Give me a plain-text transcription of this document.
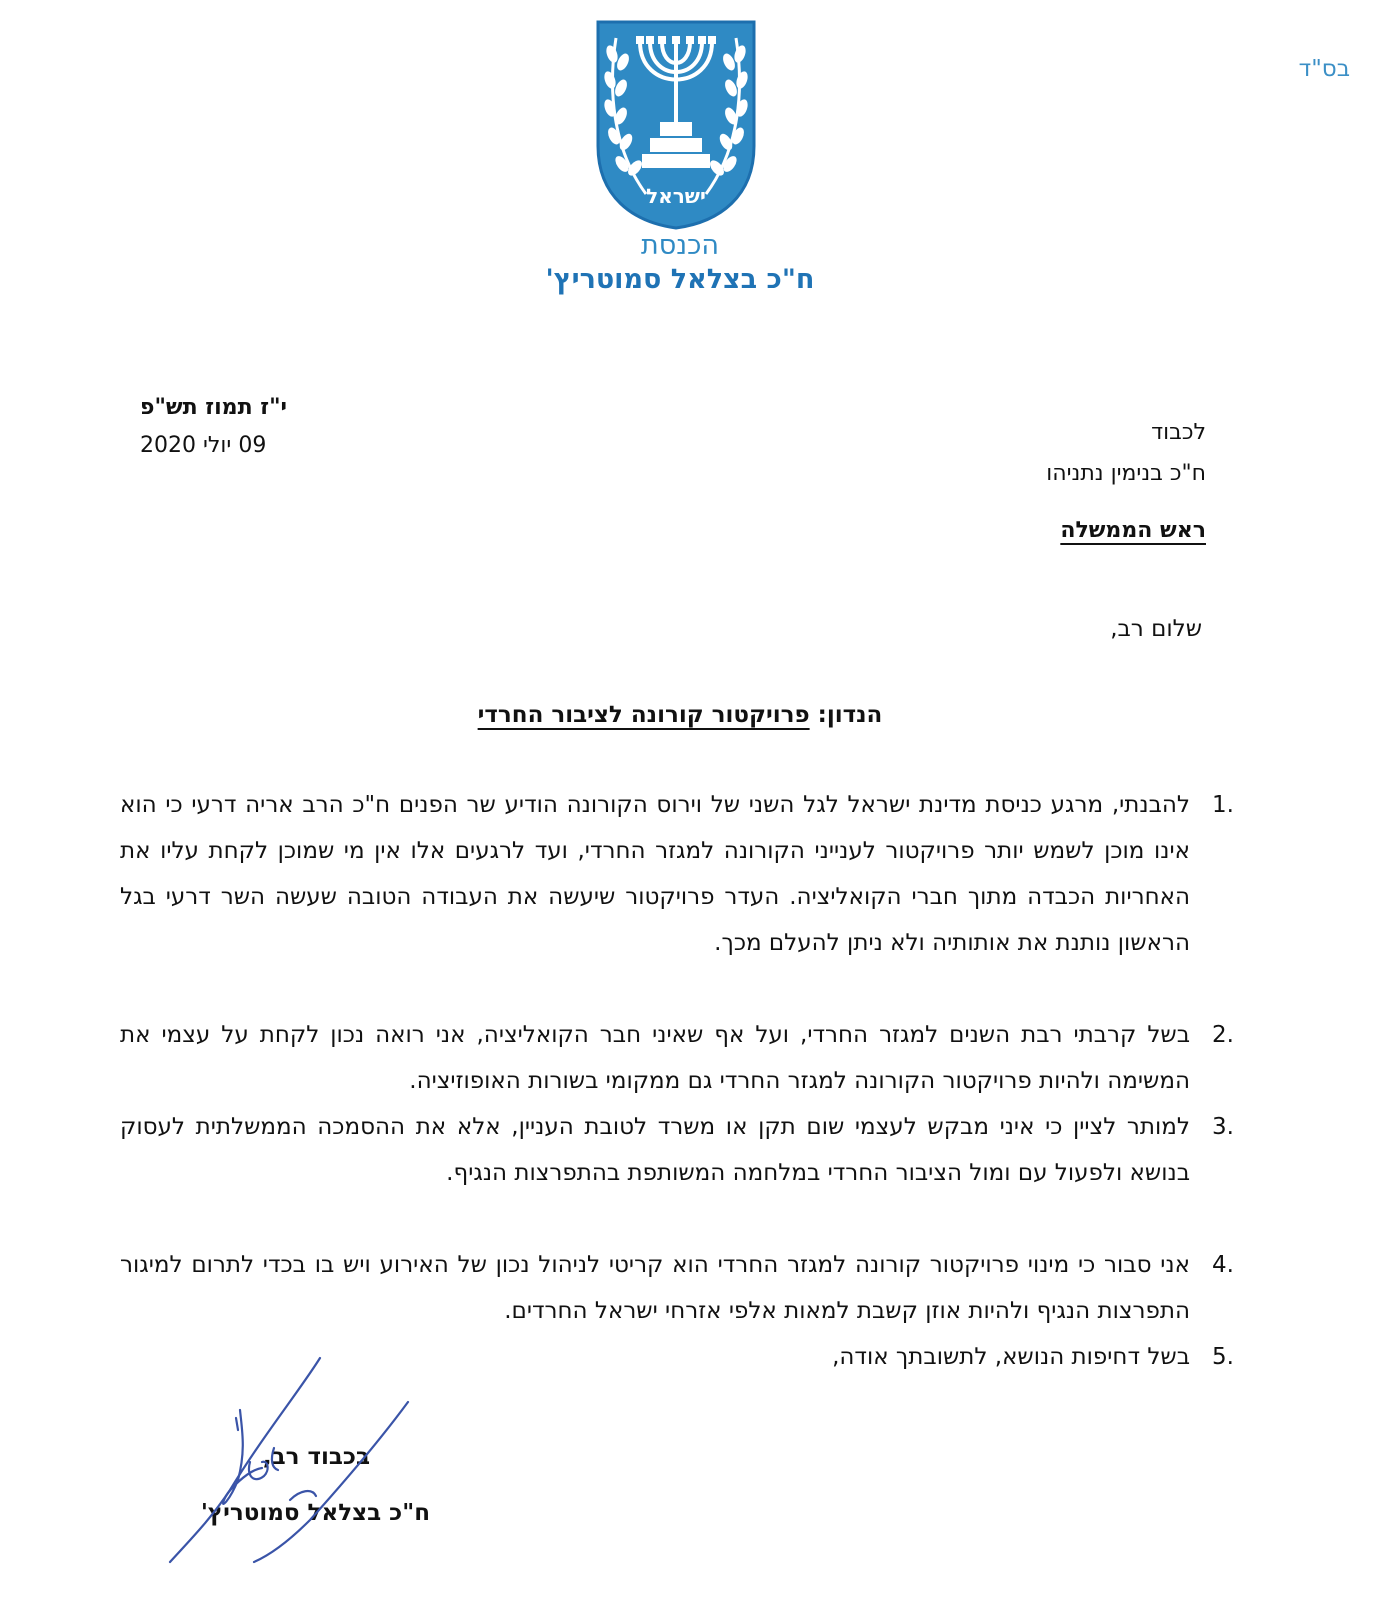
בס"ד
ישראל
הכנסת
ח"כ בצלאל סמוטריץ'
י"ז תמוז תש"פ
09 יולי 2020
לכבוד
ח"כ בנימין נתניהו
ראש הממשלה
שלום רב,
הנדון: פרויקטור קורונה לציבור החרדי
1.
להבנתי, מרגע כניסת מדינת ישראל לגל השני של וירוס הקורונה הודיע שר הפנים ח"כ הרב אריה דרעי כי הוא אינו מוכן לשמש יותר פרויקטור לענייני הקורונה למגזר החרדי, ועד לרגעים אלו אין מי שמוכן לקחת עליו את האחריות הכבדה מתוך חברי הקואליציה. העדר פרויקטור שיעשה את העבודה הטובה שעשה השר דרעי בגל הראשון נותנת את אותותיה ולא ניתן להעלם מכך.
2.
בשל קרבתי רבת השנים למגזר החרדי, ועל אף שאיני חבר הקואליציה, אני רואה נכון לקחת על עצמי את המשימה ולהיות פרויקטור הקורונה למגזר החרדי גם ממקומי בשורות האופוזיציה.
3.
למותר לציין כי איני מבקש לעצמי שום תקן או משרד לטובת העניין, אלא את ההסמכה הממשלתית לעסוק בנושא ולפעול עם ומול הציבור החרדי במלחמה המשותפת בהתפרצות הנגיף.
4.
אני סבור כי מינוי פרויקטור קורונה למגזר החרדי הוא קריטי לניהול נכון של האירוע ויש בו בכדי לתרום למיגור התפרצות הנגיף ולהיות אוזן קשבת למאות אלפי אזרחי ישראל החרדים.
5.
בשל דחיפות הנושא, לתשובתך אודה,
בכבוד רב,
ח"כ בצלאל סמוטריץ'
